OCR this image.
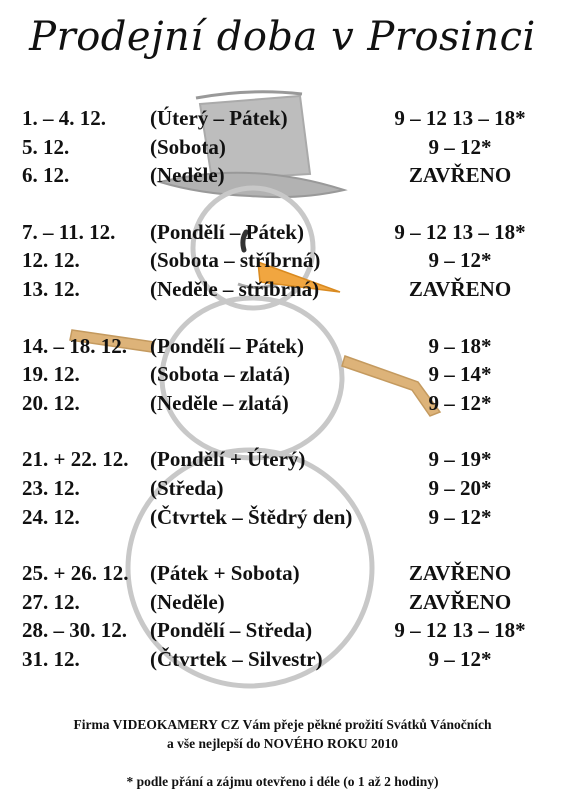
Prodejní doba v Prosinci
1. – 4. 12. (Úterý – Pátek)	9 – 12 13 – 18*
5. 12.	(Sobota)	9 – 12*
6. 12.	(Neděle)	ZAVŘENO
7. – 11. 12. (Pondělí – Pátek)	9 – 12 13 – 18*
12. 12.	(Sobota – stříbrná)	9 – 12*
13. 12.	(Neděle – stříbrná)	ZAVŘENO
14. – 18. 12. (Pondělí – Pátek)	9 – 18*
19. 12.	(Sobota – zlatá)	9 – 14*
20. 12.	(Neděle – zlatá)	9 – 12*
21. + 22. 12. (Pondělí + Úterý)	9 – 19*
23. 12.	(Středa)	9 – 20*
24. 12.	(Čtvrtek – Štědrý den)	9 – 12*
25. + 26. 12. (Pátek + Sobota)	ZAVŘENO
27. 12.	(Neděle)	ZAVŘENO
28. – 30. 12. (Pondělí – Středa)	9 – 12 13 – 18*
31. 12.	(Čtvrtek – Silvestr)	9 – 12*
Firma VIDEOKAMERY CZ Vám přeje pěkné prožití Svátků Vánočních
a vše nejlepší do NOVÉHO ROKU 2010
* podle přání a zájmu otevřeno i déle (o 1 až 2 hodiny)
